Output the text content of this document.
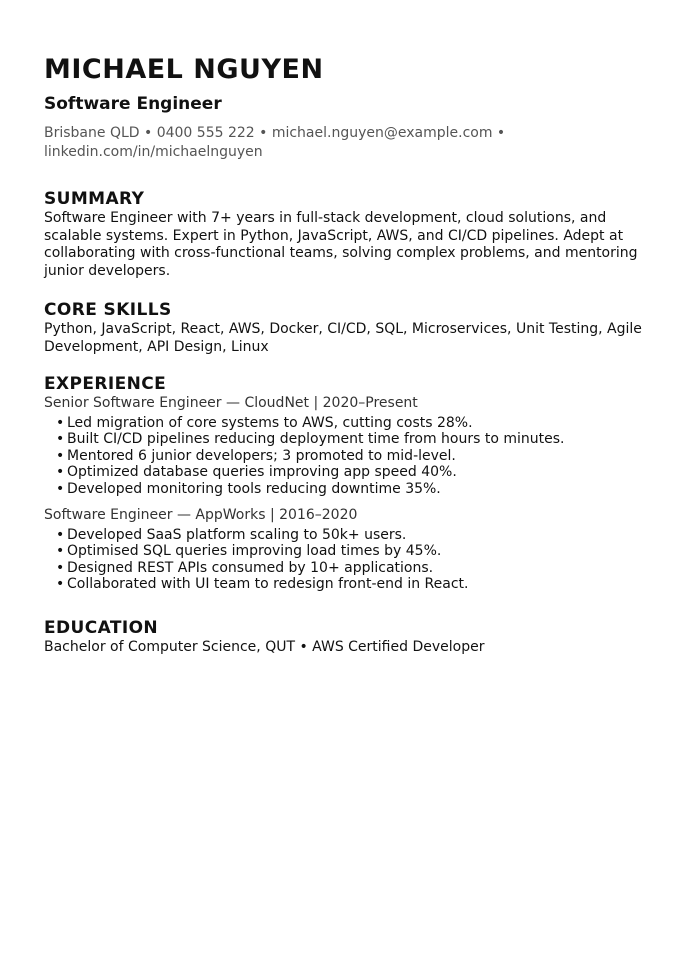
MICHAEL NGUYEN
Software Engineer
Brisbane QLD • 0400 555 222 • michael.nguyen@example.com • linkedin.com/in/michaelnguyen
SUMMARY

Software Engineer with 7+ years in full-stack development, cloud solutions, and scalable systems. Expert in Python, JavaScript, AWS, and CI/CD pipelines. Adept at collaborating with cross-functional teams, solving complex problems, and mentoring junior developers.

CORE SKILLS

Python, JavaScript, React, AWS, Docker, CI/CD, SQL, Microservices, Unit Testing, Agile Development, API Design, Linux

EXPERIENCE
Senior Software Engineer — CloudNet | 2020–Present
• Led migration of core systems to AWS, cutting costs 28%.
• Built CI/CD pipelines reducing deployment time from hours to minutes.
• Mentored 6 junior developers; 3 promoted to mid-level.
• Optimized database queries improving app speed 40%.
• Developed monitoring tools reducing downtime 35%.
Software Engineer — AppWorks | 2016–2020
• Developed SaaS platform scaling to 50k+ users.
• Optimised SQL queries improving load times by 45%.
• Designed REST APIs consumed by 10+ applications.
• Collaborated with UI team to redesign front-end in React.
EDUCATION

Bachelor of Computer Science, QUT • AWS Certified Developer
